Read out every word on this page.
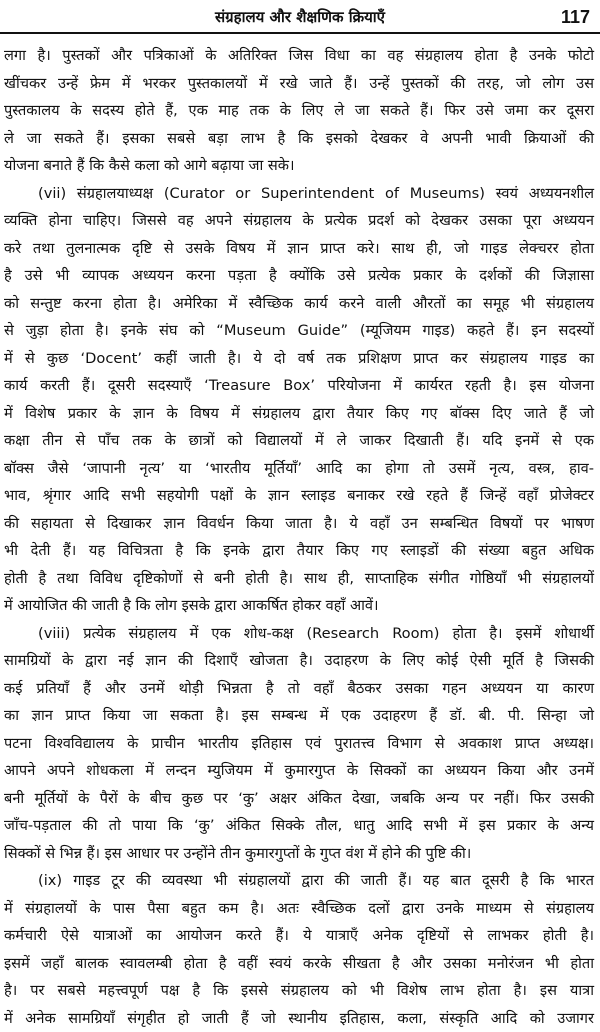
संग्रहालय और शैक्षणिक क्रियाएँ	117
लगा है। पुस्तकों और पत्रिकाओं के अतिरिक्त जिस विधा का वह संग्रहालय होता है उनके फोटो
खींचकर उन्हें फ्रेम में भरकर पुस्तकालयों में रखे जाते हैं। उन्हें पुस्तकों की तरह, जो लोग उस
पुस्तकालय के सदस्य होते हैं, एक माह तक के लिए ले जा सकते हैं। फिर उसे जमा कर दूसरा
ले जा सकते हैं। इसका सबसे बड़ा लाभ है कि इसको देखकर वे अपनी भावी क्रियाओं की
योजना बनाते हैं कि कैसे कला को आगे बढ़ाया जा सके।
(vii) संग्रहालयाध्यक्ष (Curator or Superintendent of Museums) स्वयं अध्ययनशील
व्यक्ति होना चाहिए। जिससे वह अपने संग्रहालय के प्रत्येक प्रदर्श को देखकर उसका पूरा अध्ययन
करे तथा तुलनात्मक दृष्टि से उसके विषय में ज्ञान प्राप्त करे। साथ ही, जो गाइड लेक्चरर होता
है उसे भी व्यापक अध्ययन करना पड़ता है क्योंकि उसे प्रत्येक प्रकार के दर्शकों की जिज्ञासा
को सन्तुष्ट करना होता है। अमेरिका में स्वैच्छिक कार्य करने वाली औरतों का समूह भी संग्रहालय
से जुड़ा होता है। इनके संघ को “Museum Guide” (म्यूजियम गाइड) कहते हैं। इन सदस्यों
में से कुछ ‘Docent’ कहीं जाती है। ये दो वर्ष तक प्रशिक्षण प्राप्त कर संग्रहालय गाइड का
कार्य करती हैं। दूसरी सदस्याएँ ‘Treasure Box’ परियोजना में कार्यरत रहती है। इस योजना
में विशेष प्रकार के ज्ञान के विषय में संग्रहालय द्वारा तैयार किए गए बॉक्स दिए जाते हैं जो
कक्षा तीन से पाँच तक के छात्रों को विद्यालयों में ले जाकर दिखाती हैं। यदि इनमें से एक
बॉक्स जैसे ‘जापानी नृत्य’ या ‘भारतीय मूर्तियाँ’ आदि का होगा तो उसमें नृत्य, वस्त्र, हाव-
भाव, श्रृंगार आदि सभी सहयोगी पक्षों के ज्ञान स्लाइड बनाकर रखे रहते हैं जिन्हें वहाँ प्रोजेक्टर
की सहायता से दिखाकर ज्ञान विवर्धन किया जाता है। ये वहाँ उन सम्बन्धित विषयों पर भाषण
भी देती हैं। यह विचित्रता है कि इनके द्वारा तैयार किए गए स्लाइडों की संख्या बहुत अधिक
होती है तथा विविध दृष्टिकोणों से बनी होती है। साथ ही, साप्ताहिक संगीत गोष्ठियाँ भी संग्रहालयों
में आयोजित की जाती है कि लोग इसके द्वारा आकर्षित होकर वहाँ आवें।
(viii) प्रत्येक संग्रहालय में एक शोध-कक्ष (Research Room) होता है। इसमें शोधार्थी
सामग्रियों के द्वारा नई ज्ञान की दिशाएँ खोजता है। उदाहरण के लिए कोई ऐसी मूर्ति है जिसकी
कई प्रतियाँ हैं और उनमें थोड़ी भिन्नता है तो वहाँ बैठकर उसका गहन अध्ययन या कारण
का ज्ञान प्राप्त किया जा सकता है। इस सम्बन्ध में एक उदाहरण हैं डॉ. बी. पी. सिन्हा जो
पटना विश्वविद्यालय के प्राचीन भारतीय इतिहास एवं पुरातत्त्व विभाग से अवकाश प्राप्त अध्यक्ष।
आपने अपने शोधकला में लन्दन म्युजियम में कुमारगुप्त के सिक्कों का अध्ययन किया और उनमें
बनी मूर्तियों के पैरों के बीच कुछ पर ‘कु’ अक्षर अंकित देखा, जबकि अन्य पर नहीं। फिर उसकी
जाँच-पड़ताल की तो पाया कि ‘कु’ अंकित सिक्के तौल, धातु आदि सभी में इस प्रकार के अन्य
सिक्कों से भिन्न हैं। इस आधार पर उन्होंने तीन कुमारगुप्तों के गुप्त वंश में होने की पुष्टि की।
(ix) गाइड टूर की व्यवस्था भी संग्रहालयों द्वारा की जाती हैं। यह बात दूसरी है कि भारत
में संग्रहालयों के पास पैसा बहुत कम है। अतः स्वैच्छिक दलों द्वारा उनके माध्यम से संग्रहालय
कर्मचारी ऐसे यात्राओं का आयोजन करते हैं। ये यात्राएँ अनेक दृष्टियों से लाभकर होती है।
इसमें जहाँ बालक स्वावलम्बी होता है वहीं स्वयं करके सीखता है और उसका मनोरंजन भी होता
है। पर सबसे महत्त्वपूर्ण पक्ष है कि इससे संग्रहालय को भी विशेष लाभ होता है। इस यात्रा
में अनेक सामग्रियाँ संगृहीत हो जाती हैं जो स्थानीय इतिहास, कला, संस्कृति आदि को उजागर
